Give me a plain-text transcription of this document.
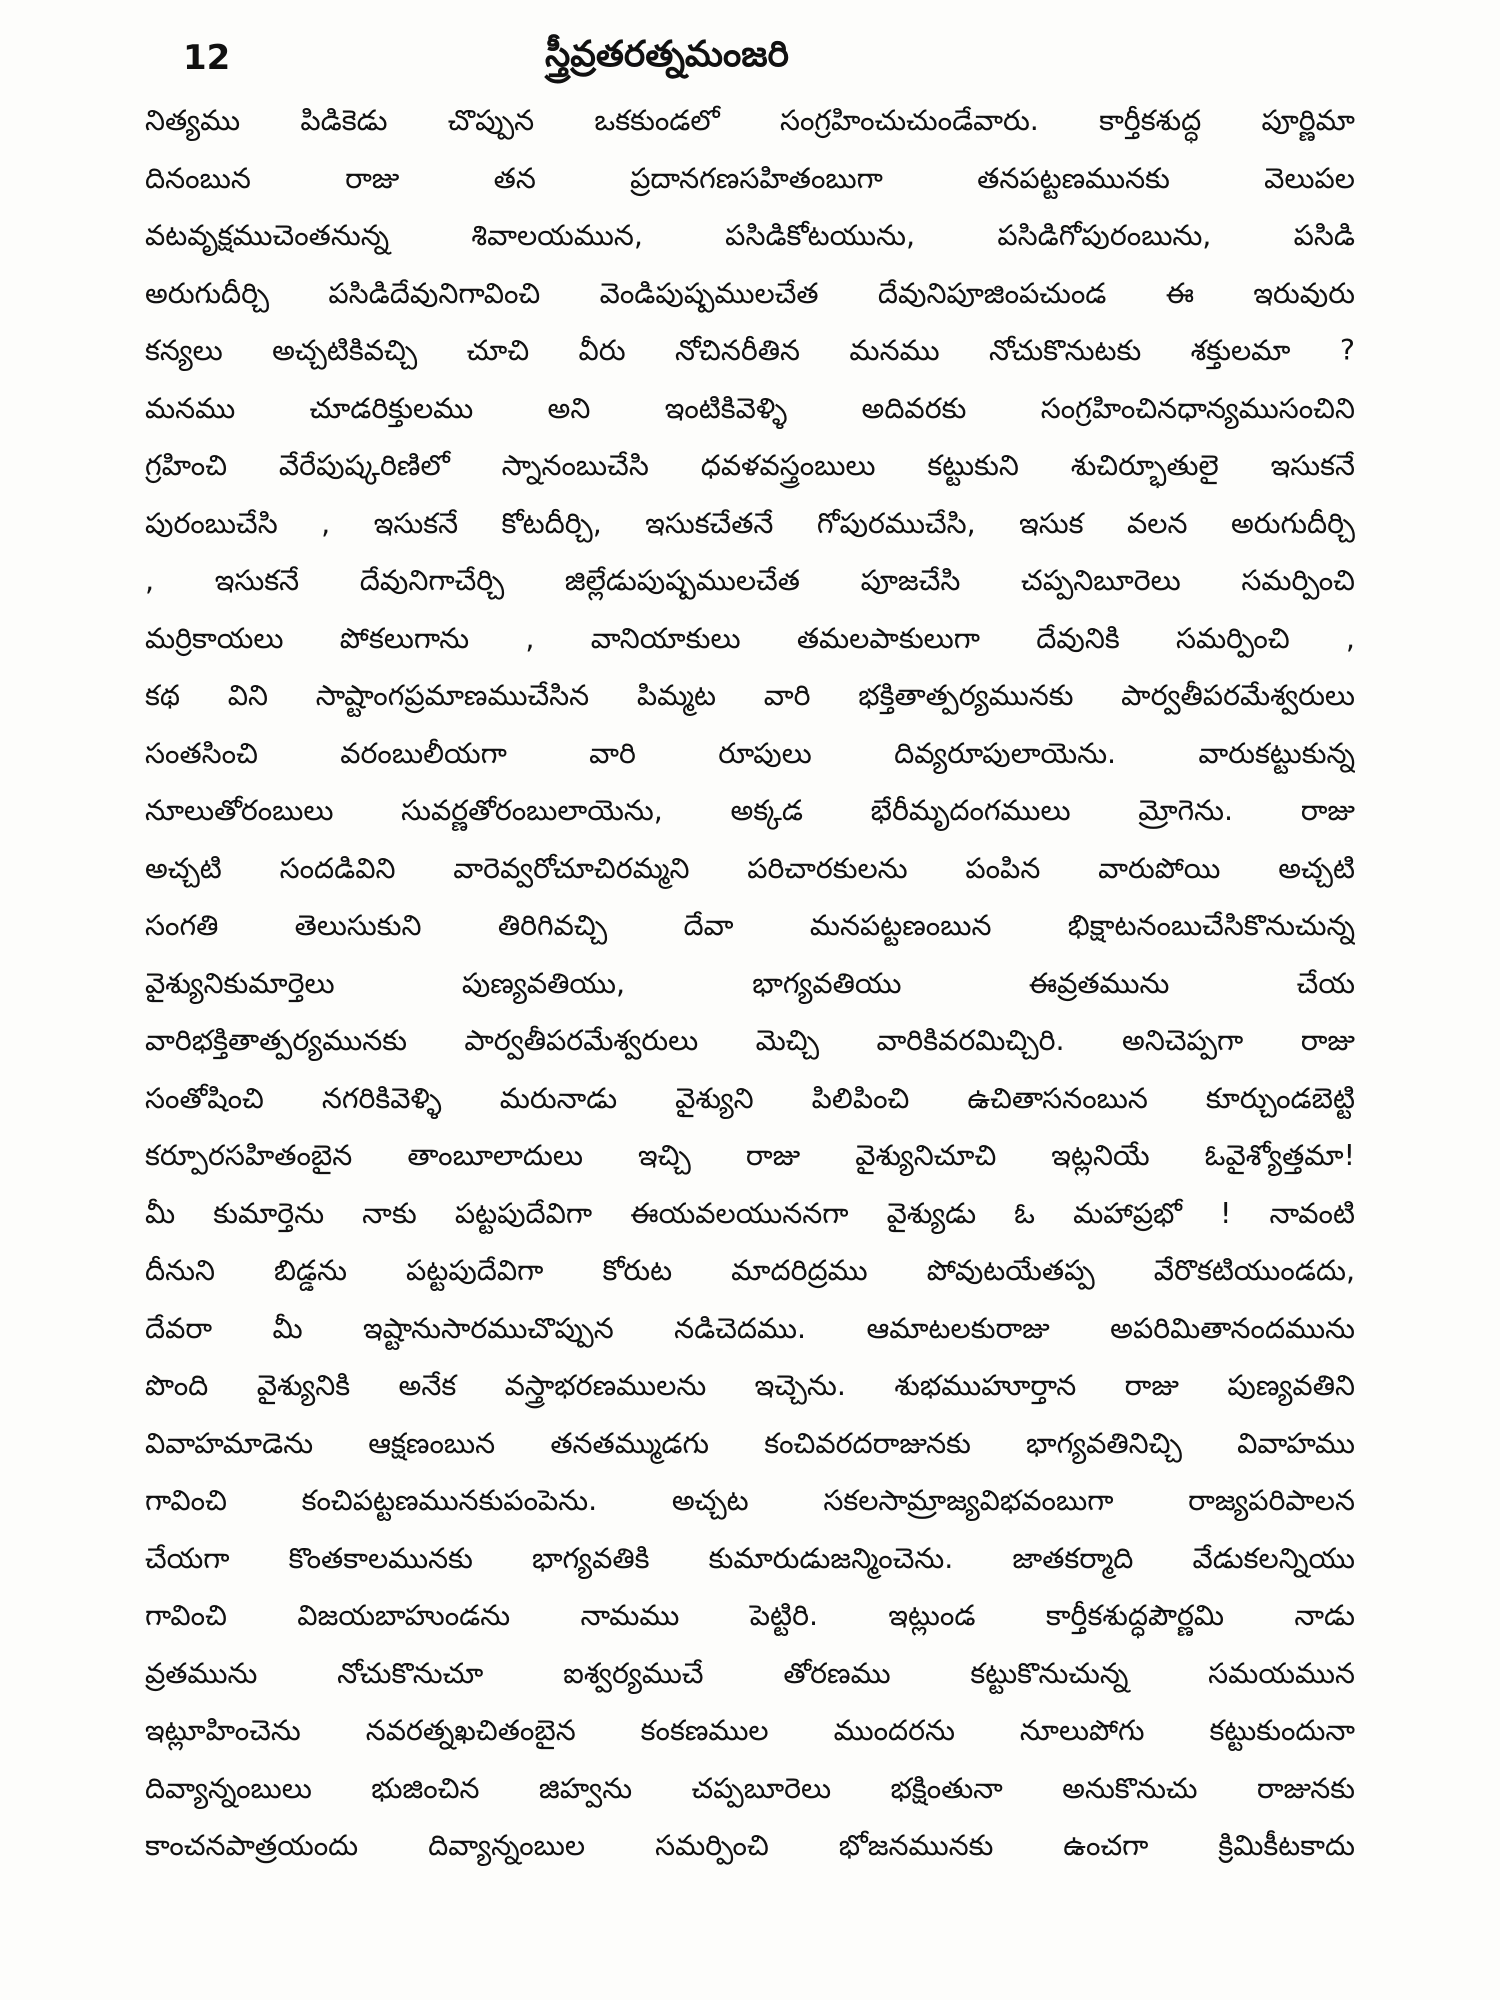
12	స్త్రీవ్రతరత్నమంజరి
నిత్యము పిడికెడు చొప్పున ఒకకుండలో సంగ్రహించుచుండేవారు. కార్తీకశుద్ధ పూర్ణిమా
దినంబున రాజు తన ప్రదానగణసహితంబుగా తనపట్టణమునకు వెలుపల
వటవృక్షముచెంతనున్న శివాలయమున, పసిడికోటయును, పసిడిగోపురంబును, పసిడి
అరుగుదీర్చి పసిడిదేవునిగావించి వెండిపుష్పములచేత దేవునిపూజింపచుండ ఈ ఇరువురు
కన్యలు అచ్చటికివచ్చి చూచి వీరు నోచినరీతిన మనము నోచుకొనుటకు శక్తులమా ?
మనము చూడరిక్తులము అని ఇంటికివెళ్ళి అదివరకు సంగ్రహించినధాన్యముసంచిని
గ్రహించి వేరేపుష్కరిణిలో స్నానంబుచేసి ధవళవస్త్రంబులు కట్టుకుని శుచిర్భూతులై ఇసుకనే
పురంబుచేసి , ఇసుకనే కోటదీర్చి, ఇసుకచేతనే గోపురముచేసి, ఇసుక వలన అరుగుదీర్చి
, ఇసుకనే దేవునిగాచేర్చి జిల్లేడుపుష్పములచేత పూజచేసి చప్పనిబూరెలు సమర్పించి
మర్రికాయలు పోకలుగాను , వానియాకులు తమలపాకులుగా దేవునికి సమర్పించి ,
కథ విని సాష్టాంగప్రమాణముచేసిన పిమ్మట వారి భక్తితాత్పర్యమునకు పార్వతీపరమేశ్వరులు
సంతసించి వరంబులీయగా వారి రూపులు దివ్యరూపులాయెను. వారుకట్టుకున్న
నూలుతోరంబులు సువర్ణతోరంబులాయెను, అక్కడ భేరీమృదంగములు మ్రోగెను. రాజు
అచ్చటి సందడివిని వారెవ్వరోచూచిరమ్మని పరిచారకులను పంపిన వారుపోయి అచ్చటి
సంగతి తెలుసుకుని తిరిగివచ్చి దేవా మనపట్టణంబున భిక్షాటనంబుచేసికొనుచున్న
వైశ్యునికుమార్తెలు పుణ్యవతియు, భాగ్యవతియు ఈవ్రతమును చేయ
వారిభక్తితాత్పర్యమునకు పార్వతీపరమేశ్వరులు మెచ్చి వారికివరమిచ్చిరి. అనిచెప్పగా రాజు
సంతోషించి నగరికివెళ్ళి మరునాడు వైశ్యుని పిలిపించి ఉచితాసనంబున కూర్చుండబెట్టి
కర్పూరసహితంబైన తాంబూలాదులు ఇచ్చి రాజు వైశ్యునిచూచి ఇట్లనియే ఓవైశ్యోత్తమా!
మీ కుమార్తెను నాకు పట్టపుదేవిగా ఈయవలయుననగా వైశ్యుడు ఓ మహాప్రభో ! నావంటి
దీనుని బిడ్డను పట్టపుదేవిగా కోరుట మాదరిద్రము పోవుటయేతప్ప వేరొకటియుండదు,
దేవరా మీ ఇష్టానుసారముచొప్పున నడిచెదము. ఆమాటలకురాజు అపరిమితానందమును
పొంది వైశ్యునికి అనేక వస్త్రాభరణములను ఇచ్చెను. శుభముహూర్తాన రాజు పుణ్యవతిని
వివాహమాడెను ఆక్షణంబున తనతమ్ముడగు కంచివరదరాజునకు భాగ్యవతినిచ్చి వివాహము
గావించి కంచిపట్టణమునకుపంపెను. అచ్చట సకలసామ్రాజ్యవిభవంబుగా రాజ్యపరిపాలన
చేయగా కొంతకాలమునకు భాగ్యవతికి కుమారుడుజన్మించెను. జాతకర్మాది వేడుకలన్నియు
గావించి విజయబాహుండను నామము పెట్టిరి. ఇట్లుండ కార్తీకశుద్ధపౌర్ణమి నాడు
వ్రతమును నోచుకొనుచూ ఐశ్వర్యముచే తోరణము కట్టుకొనుచున్న సమయమున
ఇట్లూహించెను నవరత్నఖచితంబైన కంకణముల ముందరను నూలుపోగు కట్టుకుందునా
దివ్యాన్నంబులు భుజించిన జిహ్వను చప్పబూరెలు భక్షింతునా అనుకొనుచు రాజునకు
కాంచనపాత్రయందు దివ్యాన్నంబుల సమర్పించి భోజనమునకు ఉంచగా క్రిమికీటకాదు
